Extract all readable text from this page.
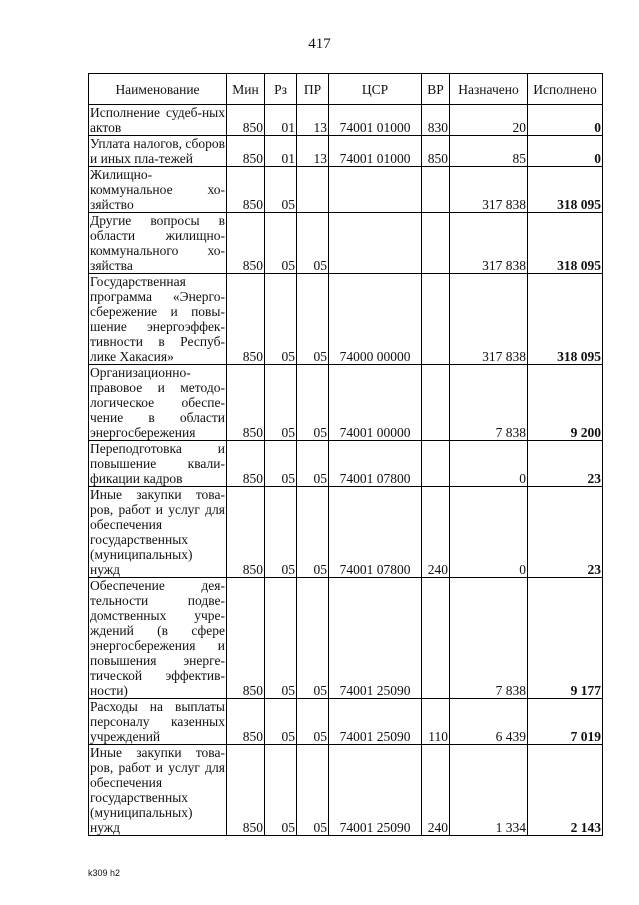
417
Наименование	Мин	Рз	ПР	ЦСР	ВР	Назначено	Исполнено
Исполнение судеб-ных актов	850	01	13	74001 01000	830	20	0
Уплата налогов, сборов и иных пла-тежей	850	01	13	74001 01000	850	85	0
Жилищно-коммунальное хо-зяйство	850	05				317 838	318 095
Другие вопросы в области жилищно-коммунального хо-зяйства	850	05	05			317 838	318 095
Государственная программа «Энерго-сбережение и повы-шение энергоэффек-тивности в Респуб-лике Хакасия»	850	05	05	74000 00000		317 838	318 095
Организационно-правовое и методо-логическое обеспе-чение в области энергосбережения	850	05	05	74001 00000		7 838	9 200
Переподготовка и повышение квали-фикации кадров	850	05	05	74001 07800		0	23
Иные закупки това-ров, работ и услуг для обеспечения государственных (муниципальных) нужд	850	05	05	74001 07800	240	0	23
Обеспечение дея-тельности подве-домственных учре-ждений (в сфере энергосбережения и повышения энерге-тической эффектив-ности)	850	05	05	74001 25090		7 838	9 177
Расходы на выплаты персоналу казенных учреждений	850	05	05	74001 25090	110	6 439	7 019
Иные закупки това-ров, работ и услуг для обеспечения государственных (муниципальных) нужд	850	05	05	74001 25090	240	1 334	2 143
k309 h2
